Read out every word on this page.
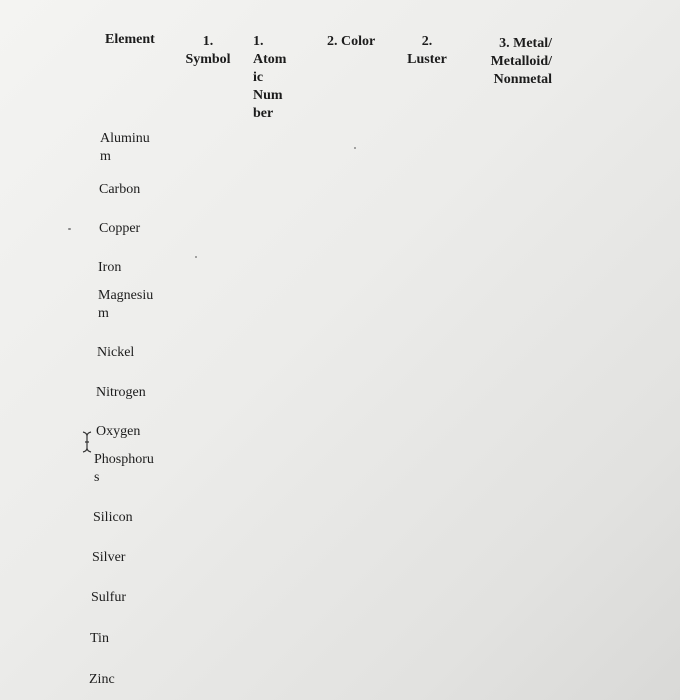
Element	1.
Symbol
1.
Atom
ic
Num
ber
2. Color	2.
Luster
3. Metal/
Metalloid/
Nonmetal
Aluminu
m
Carbon
Copper
Iron
Magnesiu
m
Nickel
Nitrogen
Oxygen
Phosphoru
s
Silicon
Silver
Sulfur
Tin
Zinc
